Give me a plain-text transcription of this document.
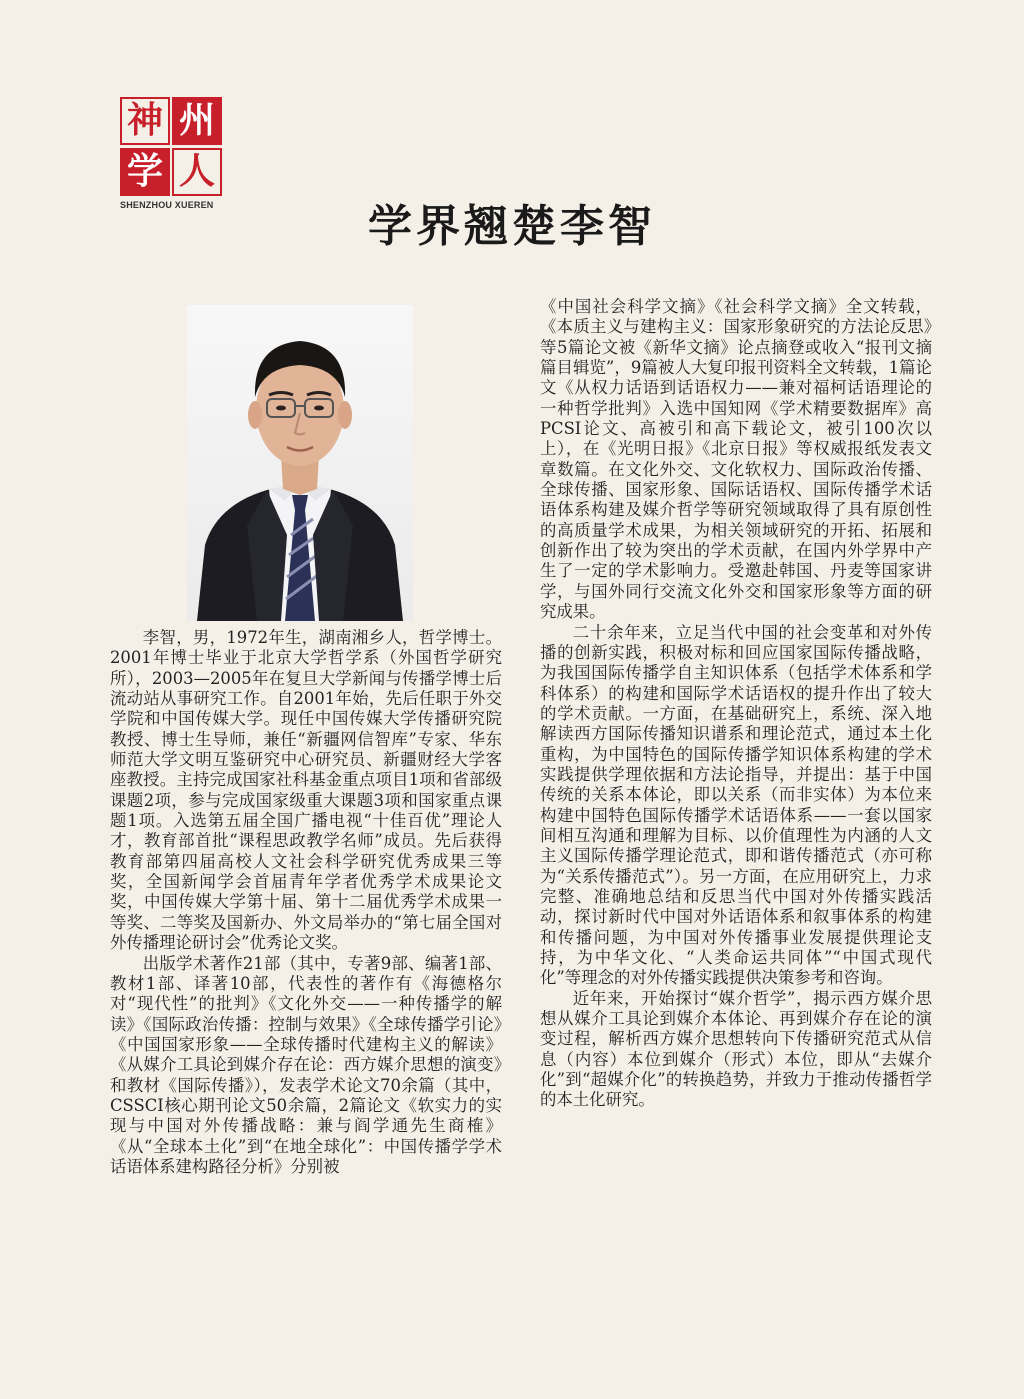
神 州
学 人
SHENZHOU XUEREN	学界翘楚李智

李智，男，1972年生，湖南湘乡人，哲学博士。2001年博士毕业于北京大学哲学系（外国哲学研究所），2003—2005年在复旦大学新闻与传播学博士后流动站从事研究工作。自2001年始，先后任职于外交学院和中国传媒大学。现任中国传媒大学传播研究院教授、博士生导师，兼任“新疆网信智库”专家、华东师范大学文明互鉴研究中心研究员、新疆财经大学客座教授。主持完成国家社科基金重点项目1项和省部级课题2项，参与完成国家级重大课题3项和国家重点课题1项。入选第五届全国广播电视“十佳百优”理论人才，教育部首批“课程思政教学名师”成员。先后获得教育部第四届高校人文社会科学研究优秀成果三等奖，全国新闻学会首届青年学者优秀学术成果论文奖，中国传媒大学第十届、第十二届优秀学术成果一等奖、二等奖及国新办、外文局举办的“第七届全国对外传播理论研讨会”优秀论文奖。

出版学术著作21部（其中，专著9部、编著1部、教材1部、译著10部，代表性的著作有《海德格尔对“现代性”的批判》《文化外交——一种传播学的解读》《国际政治传播：控制与效果》《全球传播学引论》《中国国家形象——全球传播时代建构主义的解读》《从媒介工具论到媒介存在论：西方媒介思想的演变》和教材《国际传播》），发表学术论文70余篇（其中，CSSCI核心期刊论文50余篇，2篇论文《软实力的实现与中国对外传播战略：兼与阎学通先生商榷》《从“全球本土化”到“在地全球化”：中国传播学学术话语体系建构路径分析》分别被

《中国社会科学文摘》《社会科学文摘》全文转载，《本质主义与建构主义：国家形象研究的方法论反思》等5篇论文被《新华文摘》论点摘登或收入“报刊文摘篇目辑览”，9篇被人大复印报刊资料全文转载，1篇论文《从权力话语到话语权力——兼对福柯话语理论的一种哲学批判》入选中国知网《学术精要数据库》高PCSI论文、高被引和高下载论文，被引100次以上），在《光明日报》《北京日报》等权威报纸发表文章数篇。在文化外交、文化软权力、国际政治传播、全球传播、国家形象、国际话语权、国际传播学术话语体系构建及媒介哲学等研究领域取得了具有原创性的高质量学术成果，为相关领域研究的开拓、拓展和创新作出了较为突出的学术贡献，在国内外学界中产生了一定的学术影响力。受邀赴韩国、丹麦等国家讲学，与国外同行交流文化外交和国家形象等方面的研究成果。

二十余年来，立足当代中国的社会变革和对外传播的创新实践，积极对标和回应国家国际传播战略，为我国国际传播学自主知识体系（包括学术体系和学科体系）的构建和国际学术话语权的提升作出了较大的学术贡献。一方面，在基础研究上，系统、深入地解读西方国际传播知识谱系和理论范式，通过本土化重构，为中国特色的国际传播学知识体系构建的学术实践提供学理依据和方法论指导，并提出：基于中国传统的关系本体论，即以关系（而非实体）为本位来构建中国特色国际传播学术话语体系——一套以国家间相互沟通和理解为目标、以价值理性为内涵的人文主义国际传播学理论范式，即和谐传播范式（亦可称为“关系传播范式”）。另一方面，在应用研究上，力求完整、准确地总结和反思当代中国对外传播实践活动，探讨新时代中国对外话语体系和叙事体系的构建和传播问题，为中国对外传播事业发展提供理论支持，为中华文化、“人类命运共同体”“中国式现代化”等理念的对外传播实践提供决策参考和咨询。

近年来，开始探讨“媒介哲学”，揭示西方媒介思想从媒介工具论到媒介本体论、再到媒介存在论的演变过程，解析西方媒介思想转向下传播研究范式从信息（内容）本位到媒介（形式）本位，即从“去媒介化”到“超媒介化”的转换趋势，并致力于推动传播哲学的本土化研究。
